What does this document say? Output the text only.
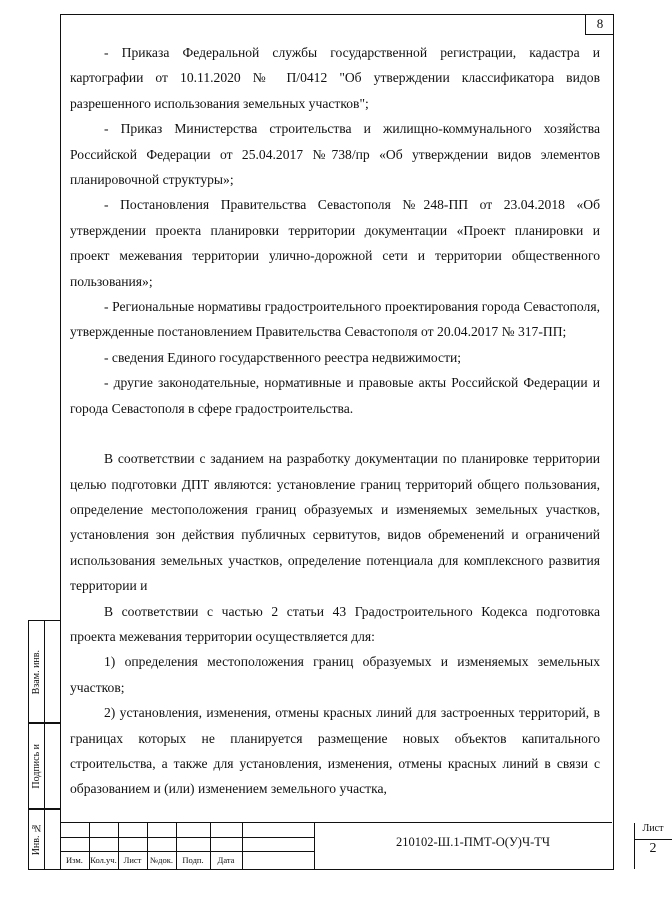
8

- Приказа Федеральной службы государственной регистрации, кадастра и картографии от 10.11.2020 № П/0412 "Об утверждении классификатора видов разрешенного использования земельных участков";

- Приказ Министерства строительства и жилищно-коммунального хозяйства Российской Федерации от 25.04.2017 №738/пр «Об утверждении видов элементов планировочной структуры»;

- Постановления Правительства Севастополя №248-ПП от 23.04.2018 «Об утверждении проекта планировки территории документации «Проект планировки и проект межевания территории улично-дорожной сети и территории общественного пользования»;

- Региональные нормативы градостроительного проектирования города Севастополя, утвержденные постановлением Правительства Севастополя от 20.04.2017 № 317-ПП;

- сведения Единого государственного реестра недвижимости;

- другие законодательные, нормативные и правовые акты Российской Федерации и города Севастополя в сфере градостроительства.

В соответствии с заданием на разработку документации по планировке территории целью подготовки ДПТ являются: установление границ территорий общего пользования, определение местоположения границ образуемых и изменяемых земельных участков, установления зон действия публичных сервитутов, видов обременений и ограничений использования земельных участков, определение потенциала для комплексного развития территории и

В соответствии с частью 2 статьи 43 Градостроительного Кодекса подготовка проекта межевания территории осуществляется для:

1) определения местоположения границ образуемых и изменяемых земельных участков;

2) установления, изменения, отмены красных линий для застроенных территорий, в границах которых не планируется размещение новых объектов капитального строительства, а также для установления, изменения, отмены красных линий в связи с образованием и (или) изменением земельного участка,

Взам. инв.
Подпись и
Инв. №
Изм. Кол.уч. Лист	№док.	Подп.	Дата
210102-Ш.1-ПМТ-О(У)Ч-ТЧ
Лист
2
